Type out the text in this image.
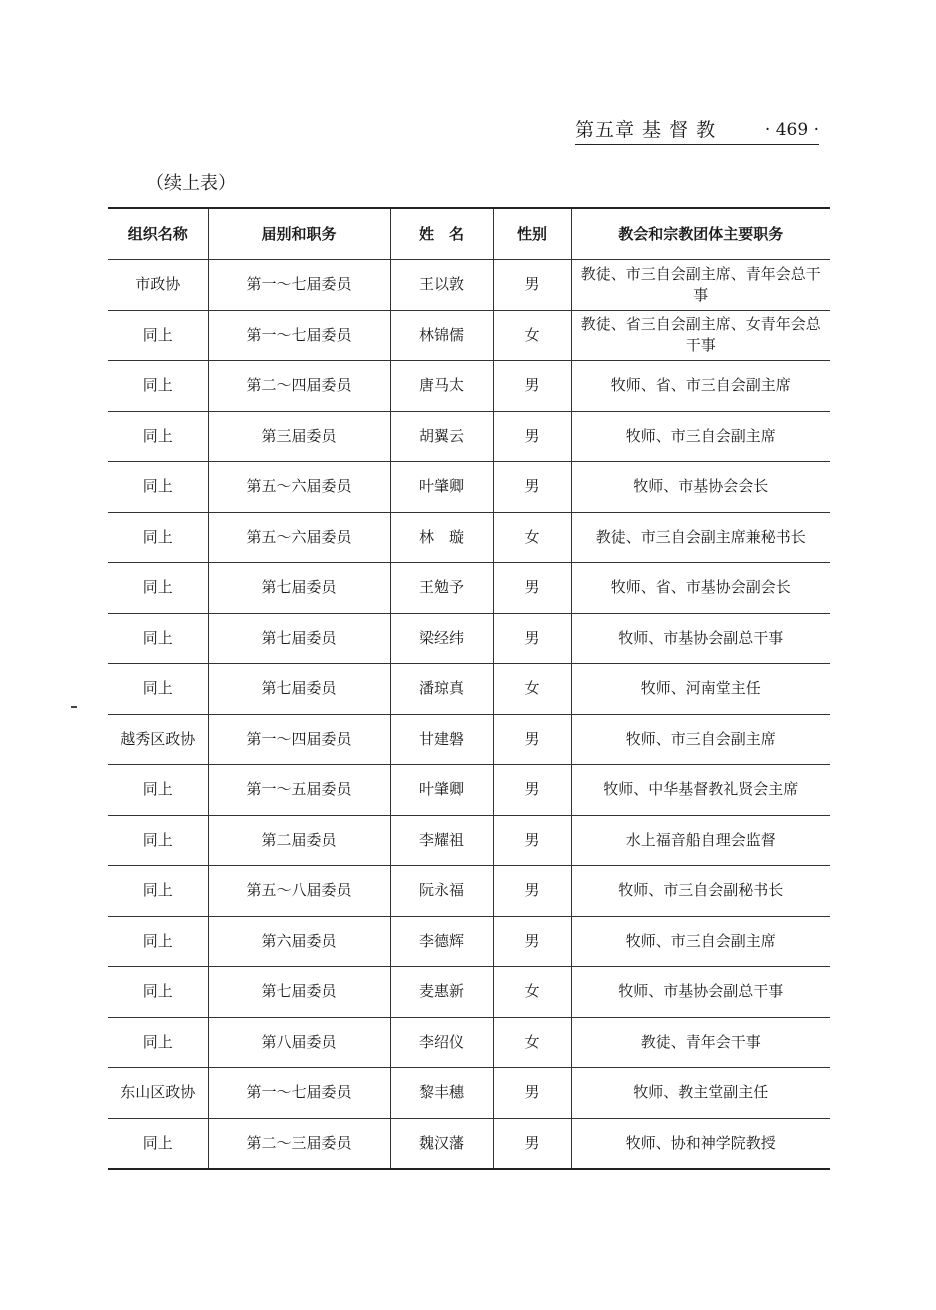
第五章 基 督 教	· 469 ·
（续上表）
组织名称	届别和职务	姓　名	性别	教会和宗教团体主要职务
市政协	第一～七届委员	王以敦	男	教徒、市三自会副主席、青年会总干事
同上	第一～七届委员	林锦儒	女	教徒、省三自会副主席、女青年会总干事
同上	第二～四届委员	唐马太	男	牧师、省、市三自会副主席
同上	第三届委员	胡翼云	男	牧师、市三自会副主席
同上	第五～六届委员	叶肇卿	男	牧师、市基协会会长
同上	第五～六届委员	林　璇	女	教徒、市三自会副主席兼秘书长
同上	第七届委员	王勉予	男	牧师、省、市基协会副会长
同上	第七届委员	梁经纬	男	牧师、市基协会副总干事
同上	第七届委员	潘琼真	女	牧师、河南堂主任
越秀区政协	第一～四届委员	甘建磐	男	牧师、市三自会副主席
同上	第一～五届委员	叶肇卿	男	牧师、中华基督教礼贤会主席
同上	第二届委员	李耀祖	男	水上福音船自理会监督
同上	第五～八届委员	阮永福	男	牧师、市三自会副秘书长
同上	第六届委员	李德辉	男	牧师、市三自会副主席
同上	第七届委员	麦惠新	女	牧师、市基协会副总干事
同上	第八届委员	李绍仪	女	教徒、青年会干事
东山区政协	第一～七届委员	黎丰穗	男	牧师、教主堂副主任
同上	第二～三届委员	魏汉藩	男	牧师、协和神学院教授
